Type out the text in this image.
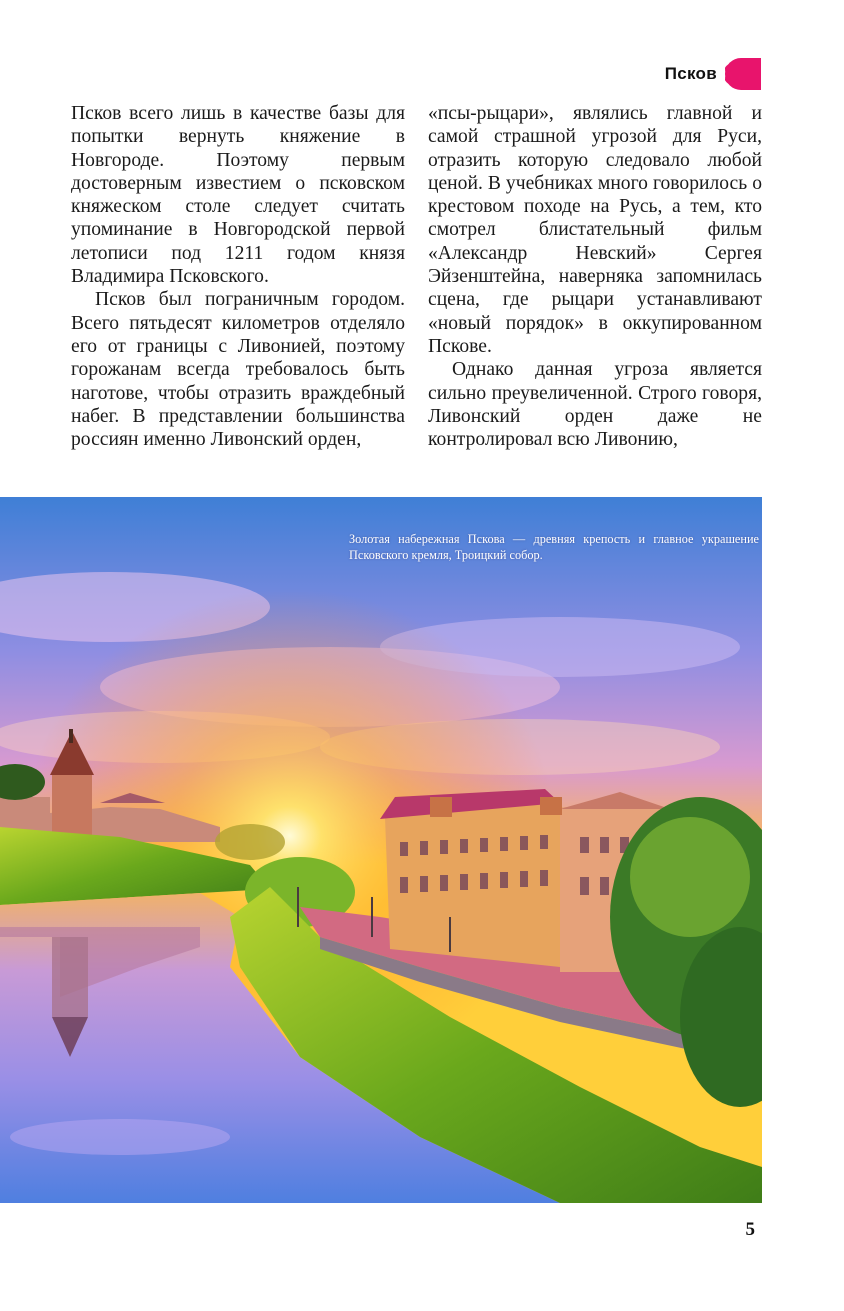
Псков

Псков всего лишь в качестве базы для попытки вернуть княжение в Новгороде. Поэтому первым достоверным известием о псковском княжеском столе следует считать упоминание в Новгородской первой летописи под 1211 годом князя Владимира Псковского.

Псков был пограничным городом. Всего пятьдесят километров отделяло его от границы с Ливонией, поэтому горожанам всегда требовалось быть наготове, чтобы отразить враждебный набег. В представлении большинства россиян именно Ливонский орден,

«псы-рыцари», являлись главной и самой страшной угрозой для Руси, отразить которую следовало любой ценой. В учебниках много говорилось о крестовом походе на Русь, а тем, кто смотрел блистательный фильм «Александр Невский» Сергея Эйзенштейна, наверняка запомнилась сцена, где рыцари устанавливают «новый порядок» в оккупированном Пскове.

Однако данная угроза является сильно преувеличенной. Строго говоря, Ливонский орден даже не контролировал всю Ливонию,

Золотая набережная Пскова — древняя крепость и главное украшение Псковского кремля, Троицкий собор.
5
